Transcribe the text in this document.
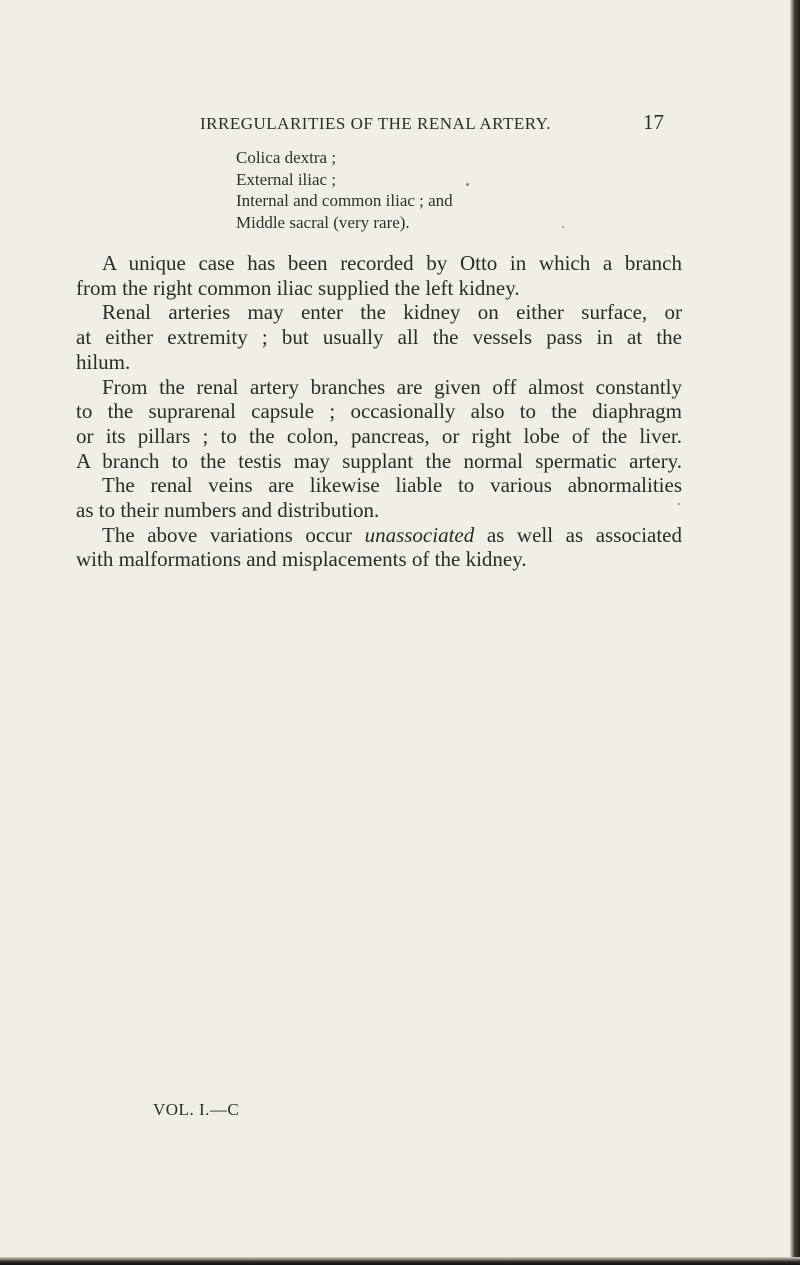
IRREGULARITIES OF THE RENAL ARTERY.	17
Colica dextra ;
External iliac ;
Internal and common iliac ; and
Middle sacral (very rare).

A unique case has been recorded by Otto in which a branch
from the right common iliac supplied the left kidney.

Renal arteries may enter the kidney on either surface, or
at either extremity ; but usually all the vessels pass in at the
hilum.

From the renal artery branches are given off almost constantly
to the suprarenal capsule ; occasionally also to the diaphragm
or its pillars ; to the colon, pancreas, or right lobe of the liver.
A branch to the testis may supplant the normal spermatic artery.

The renal veins are likewise liable to various abnormalities
as to their numbers and distribution.

The above variations occur unassociated as well as associated
with malformations and misplacements of the kidney.

VOL. I.—C
